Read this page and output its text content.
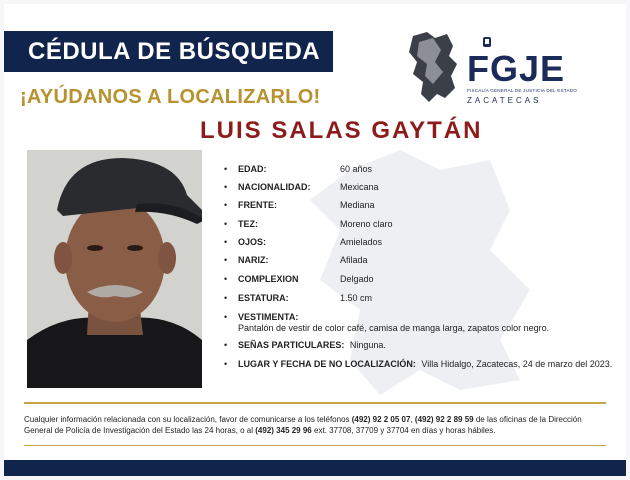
CÉDULA DE BÚSQUEDA
¡AYÚDANOS A LOCALIZARLO!
LUIS SALAS GAYTÁN
FGJE
FISCALÍA GENERAL DE JUSTICIA DEL ESTADO
ZACATECAS
• EDAD:	60 años
• NACIONALIDAD:	Mexicana
• FRENTE:	Mediana
• TEZ:	Moreno claro
• OJOS:	Amielados
• NARIZ:	Afilada
• COMPLEXION	Delgado
• ESTATURA:	1.50 cm
• VESTIMENTA:  Pantalón de vestir de color café, camisa de manga larga, zapatos color negro.
• SEÑAS PARTICULARES: Ninguna.
• LUGAR Y FECHA DE NO LOCALIZACIÓN: Villa Hidalgo, Zacatecas, 24 de marzo del 2023.
Cualquier información relacionada con su localización, favor de comunicarse a los teléfonos (492) 92 2 05 07, (492) 92 2 89 59 de las oficinas de la Dirección General de Policía de Investigación del Estado las 24 horas, o al (492) 345 29 96 ext. 37708, 37709 y 37704 en días y horas hábiles.
